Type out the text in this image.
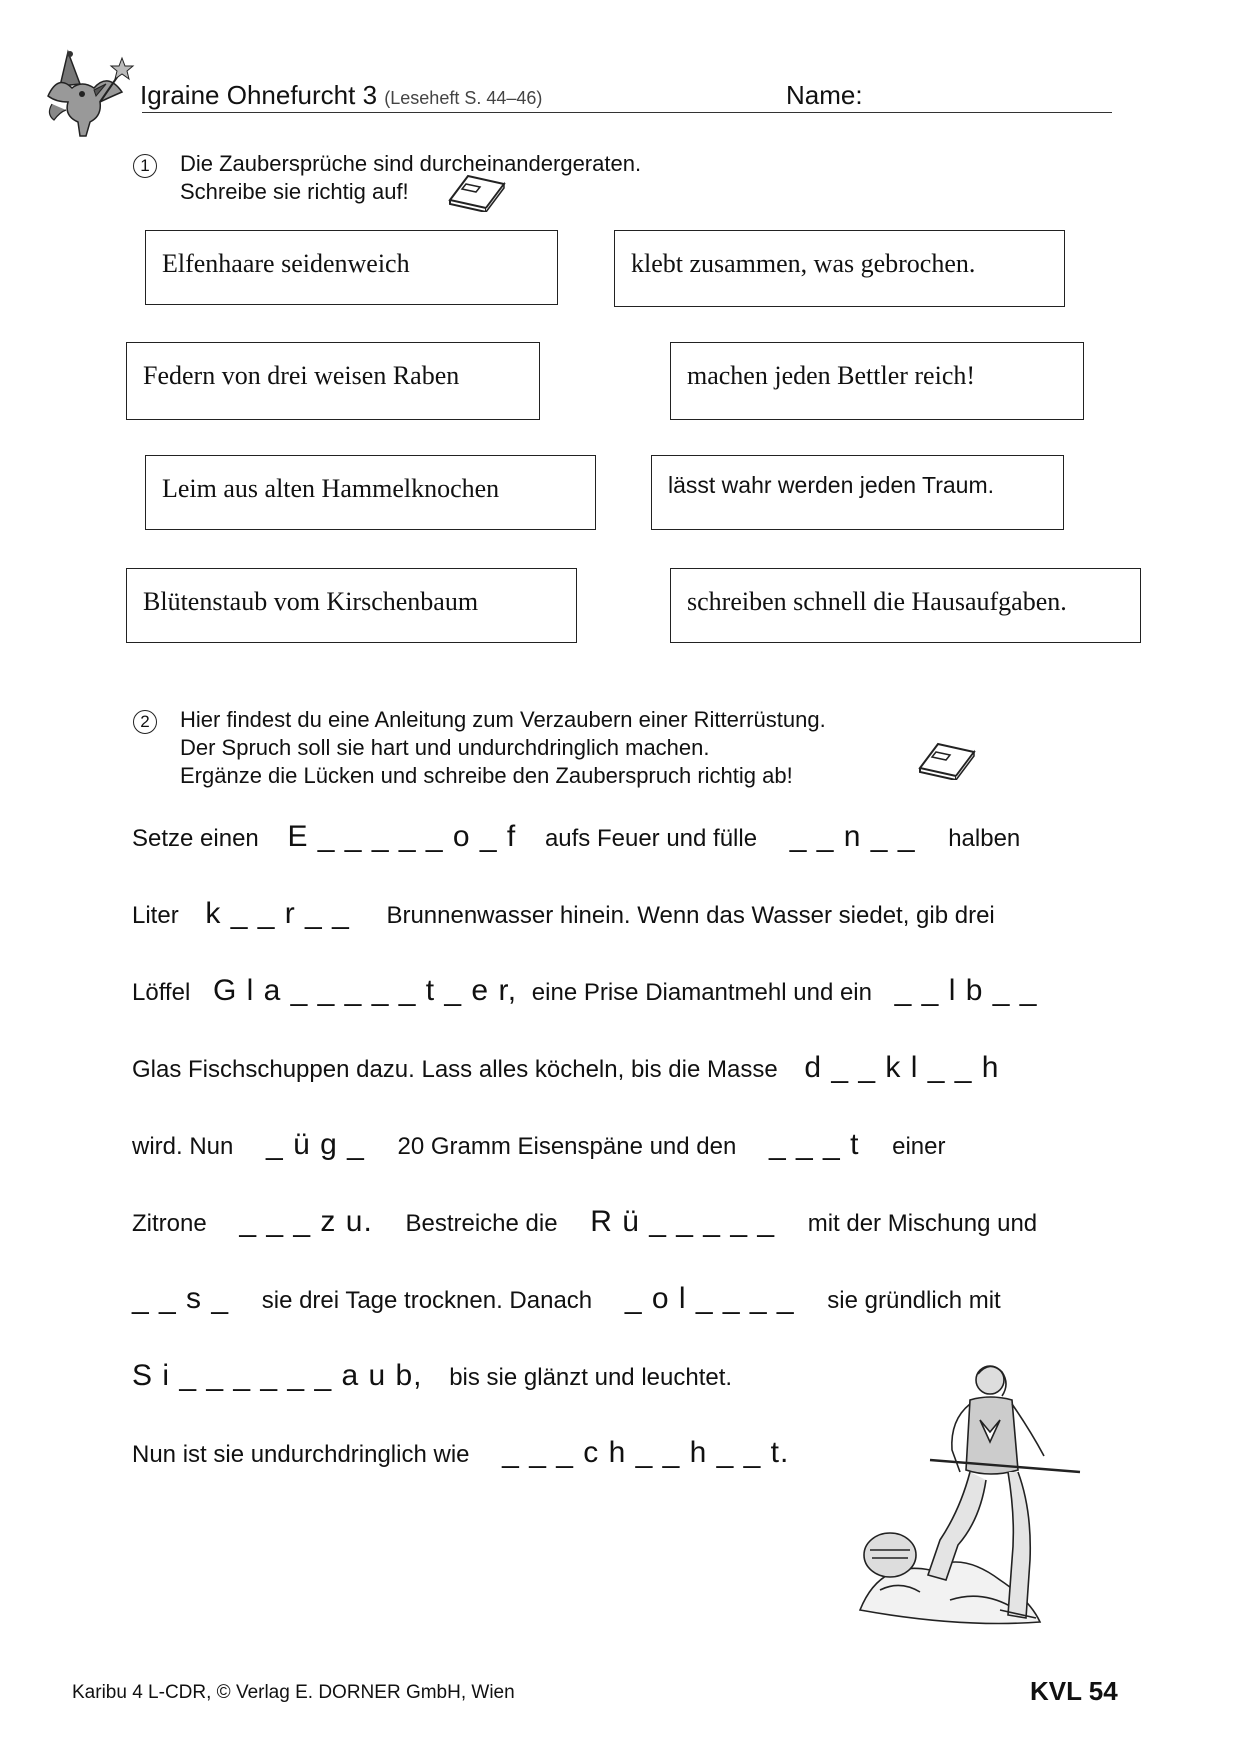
Igraine Ohnefurcht 3 (Leseheft S. 44–46)	Name:
1	Die Zaubersprüche sind durcheinandergeraten.
Schreibe sie richtig auf!
Elfenhaare seidenweich	klebt zusammen, was gebrochen.
Federn von drei weisen Raben	machen jeden Bettler reich!
Leim aus alten Hammelknochen	lässt wahr werden jeden Traum.
Blütenstaub vom Kirschenbaum	schreiben schnell die Hausaufgaben.
2	Hier findest du eine Anleitung zum Verzaubern einer Ritterrüstung.
Der Spruch soll sie hart und undurchdringlich machen.
Ergänze die Lücken und schreibe den Zauberspruch richtig ab!
Setze einen E _ _ _ _ _ o _ f aufs Feuer und fülle _ _ n _ _ halben
Liter k _ _ r _ _ Brunnenwasser hinein. Wenn das Wasser siedet, gib drei
Löffel G l a _ _ _ _ _ t _ e r, eine Prise Diamantmehl und ein _ _ l b _ _
Glas Fischschuppen dazu. Lass alles köcheln, bis die Masse d _ _ k l _ _ h
wird. Nun _ ü g _ 20 Gramm Eisenspäne und den _ _ _ t einer
Zitrone _ _ _ z u. Bestreiche die R ü _ _ _ _ _ mit der Mischung und
_ _ s _ sie drei Tage trocknen. Danach _ o l _ _ _ _ sie gründlich mit
S i _ _ _ _ _ _ a u b, bis sie glänzt und leuchtet.
Nun ist sie undurchdringlich wie _ _ _ c h _ _ h _ _ t.
Karibu 4 L-CDR, © Verlag E. DORNER GmbH, Wien	KVL 54
